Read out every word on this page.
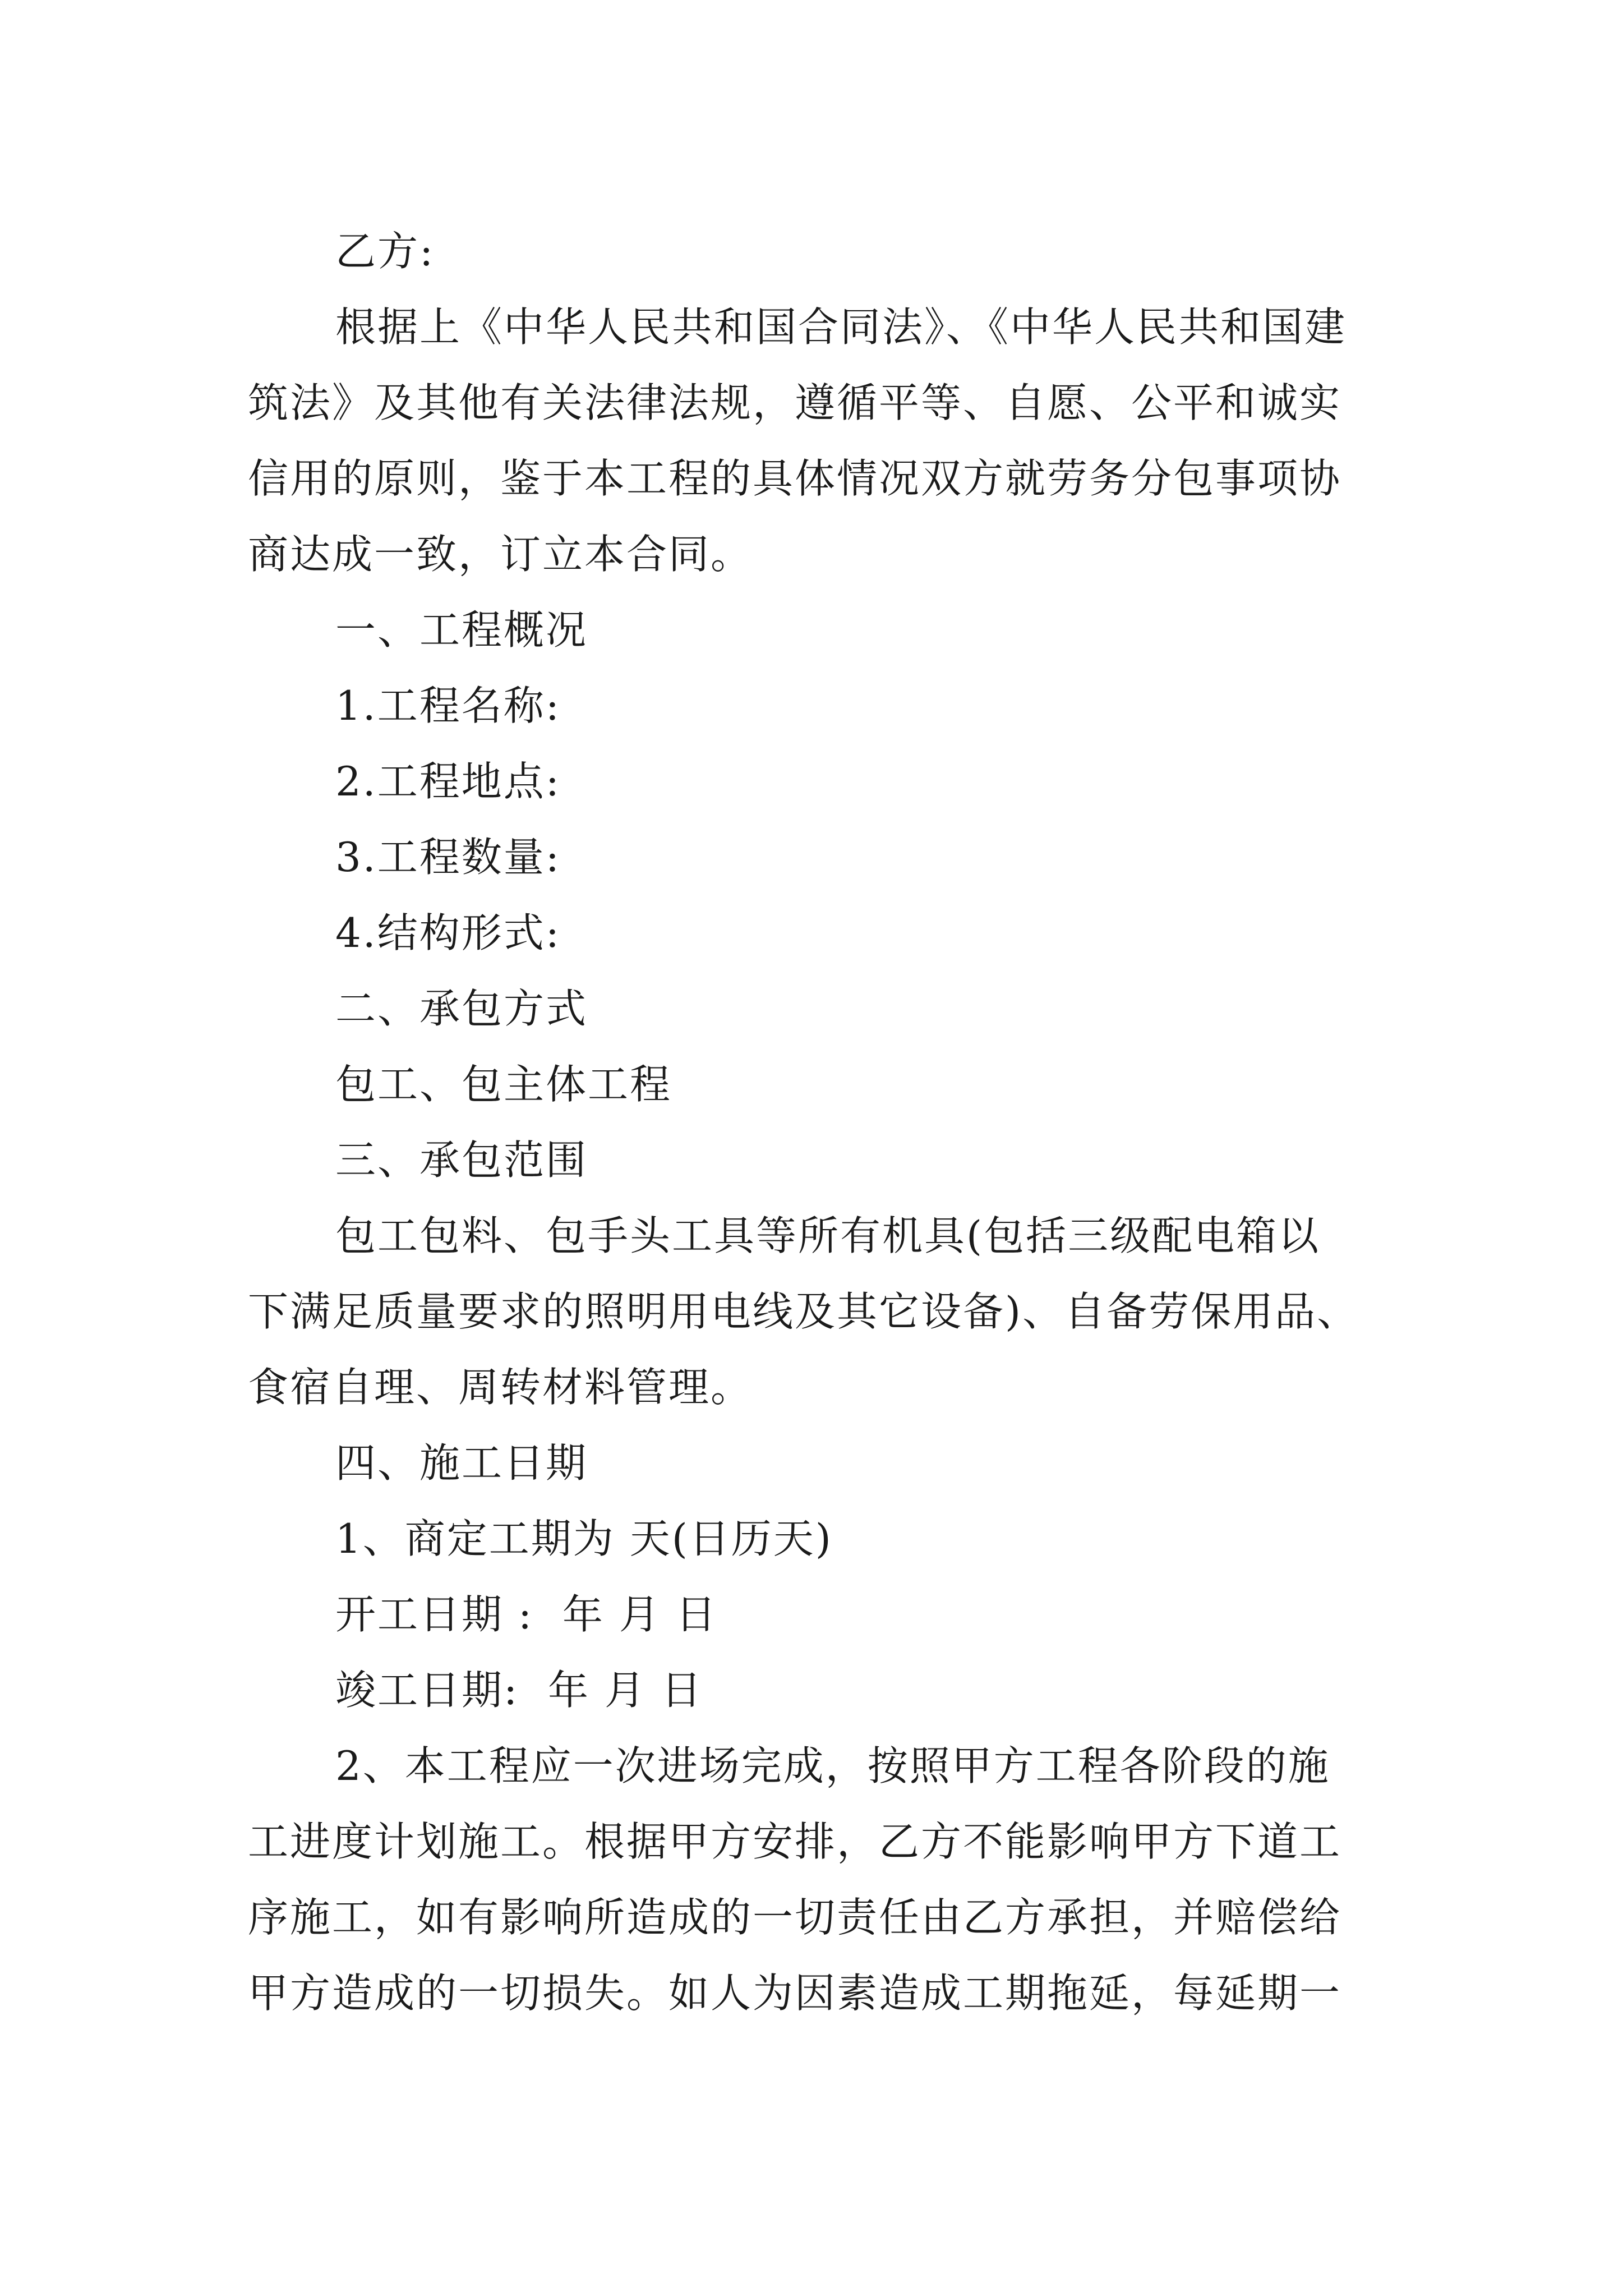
乙方:
根据上《中华人民共和国合同法》、《中华人民共和国建
筑法》及其他有关法律法规，遵循平等、自愿、公平和诚实
信用的原则，鉴于本工程的具体情况双方就劳务分包事项协
商达成一致，订立本合同。
一、工程概况
1.工程名称:
2.工程地点:
3.工程数量:
4.结构形式:
二、承包方式
包工、包主体工程
三、承包范围
包工包料、包手头工具等所有机具(包括三级配电箱以
下满足质量要求的照明用电线及其它设备)、自备劳保用品、
食宿自理、周转材料管理。
四、施工日期
1、商定工期为 天(日历天)
开工日期 :  年 月 日
竣工日期:  年 月 日
2、本工程应一次进场完成，按照甲方工程各阶段的施
工进度计划施工。根据甲方安排，乙方不能影响甲方下道工
序施工，如有影响所造成的一切责任由乙方承担，并赔偿给
甲方造成的一切损失。如人为因素造成工期拖延，每延期一
